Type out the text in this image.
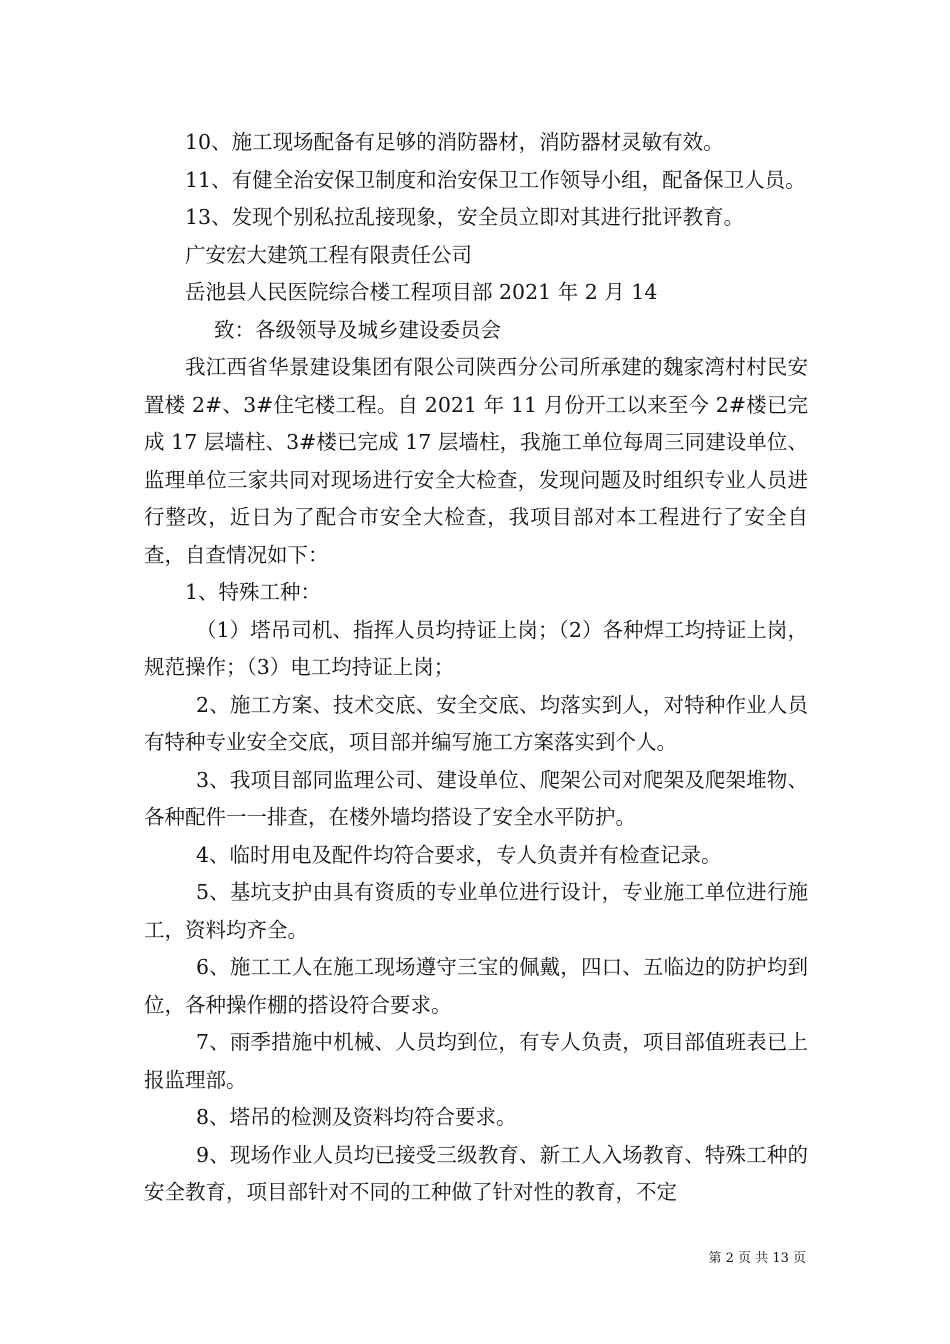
10、施工现场配备有足够的消防器材，消防器材灵敏有效。

11、有健全治安保卫制度和治安保卫工作领导小组，配备保卫人员。

13、发现个别私拉乱接现象，安全员立即对其进行批评教育。

广安宏大建筑工程有限责任公司

岳池县人民医院综合楼工程项目部 2021 年 2 月 14

致：各级领导及城乡建设委员会

我江西省华景建设集团有限公司陕西分公司所承建的魏家湾村村民安置楼 2#、3#住宅楼工程。自 2021 年 11 月份开工以来至今 2#楼已完成 17 层墙柱、3#楼已完成 17 层墙柱，我施工单位每周三同建设单位、监理单位三家共同对现场进行安全大检查，发现问题及时组织专业人员进行整改，近日为了配合市安全大检查，我项目部对本工程进行了安全自查，自查情况如下：

1、特殊工种：

（1）塔吊司机、指挥人员均持证上岗；（2）各种焊工均持证上岗，规范操作；（3）电工均持证上岗；

2、施工方案、技术交底、安全交底、均落实到人，对特种作业人员有特种专业安全交底，项目部并编写施工方案落实到个人。

3、我项目部同监理公司、建设单位、爬架公司对爬架及爬架堆物、各种配件一一排查，在楼外墙均搭设了安全水平防护。

4、临时用电及配件均符合要求，专人负责并有检查记录。

5、基坑支护由具有资质的专业单位进行设计，专业施工单位进行施工，资料均齐全。

6、施工工人在施工现场遵守三宝的佩戴，四口、五临边的防护均到位，各种操作棚的搭设符合要求。

7、雨季措施中机械、人员均到位，有专人负责，项目部值班表已上报监理部。

8、塔吊的检测及资料均符合要求。

9、现场作业人员均已接受三级教育、新工人入场教育、特殊工种的安全教育，项目部针对不同的工种做了针对性的教育，不定

第 2 页 共 13 页
